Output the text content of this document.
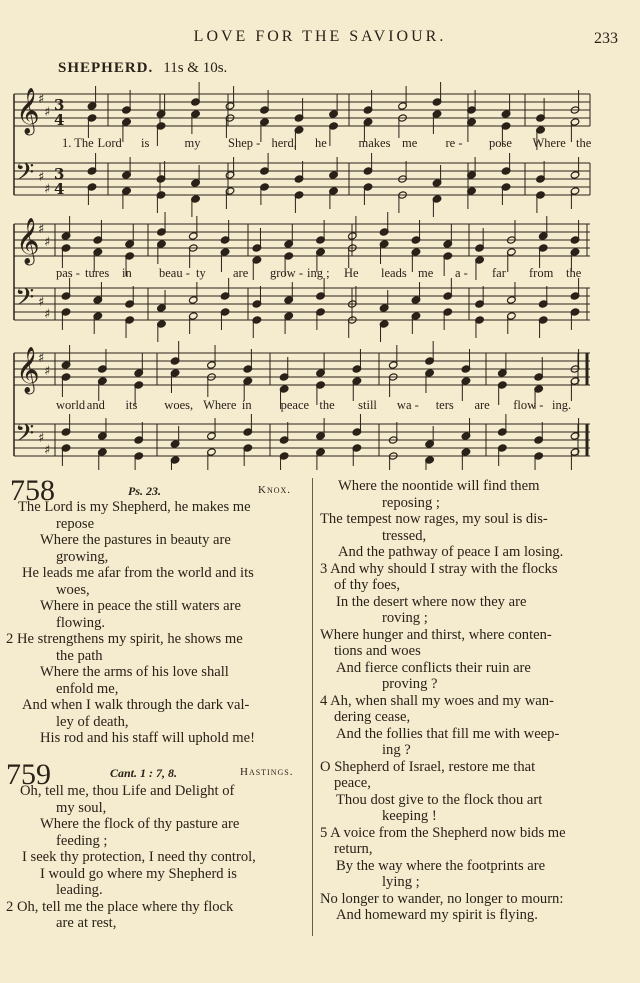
LOVE FOR THE SAVIOUR.	233
SHEPHERD. 11s & 10s.
𝄞
♯
♯ 3
4
𝄢 ♯
♯
3
4
𝄞
♯
♯
𝄢 ♯
♯
𝄞
♯
♯
𝄢 ♯
♯
1. The Lord is	my Shep - herd, he	makes me re - pose Where the
pas - tures in beau - ty are grow - ing ; He leads me a - far from the
world and its woes, Where in peace the still wa - ters are flow - ing.
758	Ps. 23.	Knox.
The Lord is my Shepherd, he makes me
repose
Where the pastures in beauty are
growing,
He leads me afar from the world and its
woes,
Where in peace the still waters are
flowing.
2 He strengthens my spirit, he shows me
the path
Where the arms of his love shall
enfold me,
And when I walk through the dark val-
ley of death,
His rod and his staff will uphold me!
759	Cant. 1 : 7, 8.	Hastings.
Oh, tell me, thou Life and Delight of
my soul,
Where the flock of thy pasture are
feeding ;
I seek thy protection, I need thy control,
I would go where my Shepherd is
leading.
2 Oh, tell me the place where thy flock
are at rest,
Where the noontide will find them
reposing ;
The tempest now rages, my soul is dis-
tressed,
And the pathway of peace I am losing.
3 And why should I stray with the flocks
of thy foes,
In the desert where now they are
roving ;
Where hunger and thirst, where conten-
tions and woes
And fierce conflicts their ruin are
proving ?
4 Ah, when shall my woes and my wan-
dering cease,
And the follies that fill me with weep-
ing ?
O Shepherd of Israel, restore me that
peace,
Thou dost give to the flock thou art
keeping !
5 A voice from the Shepherd now bids me
return,
By the way where the footprints are
lying ;
No longer to wander, no longer to mourn:
And homeward my spirit is flying.
